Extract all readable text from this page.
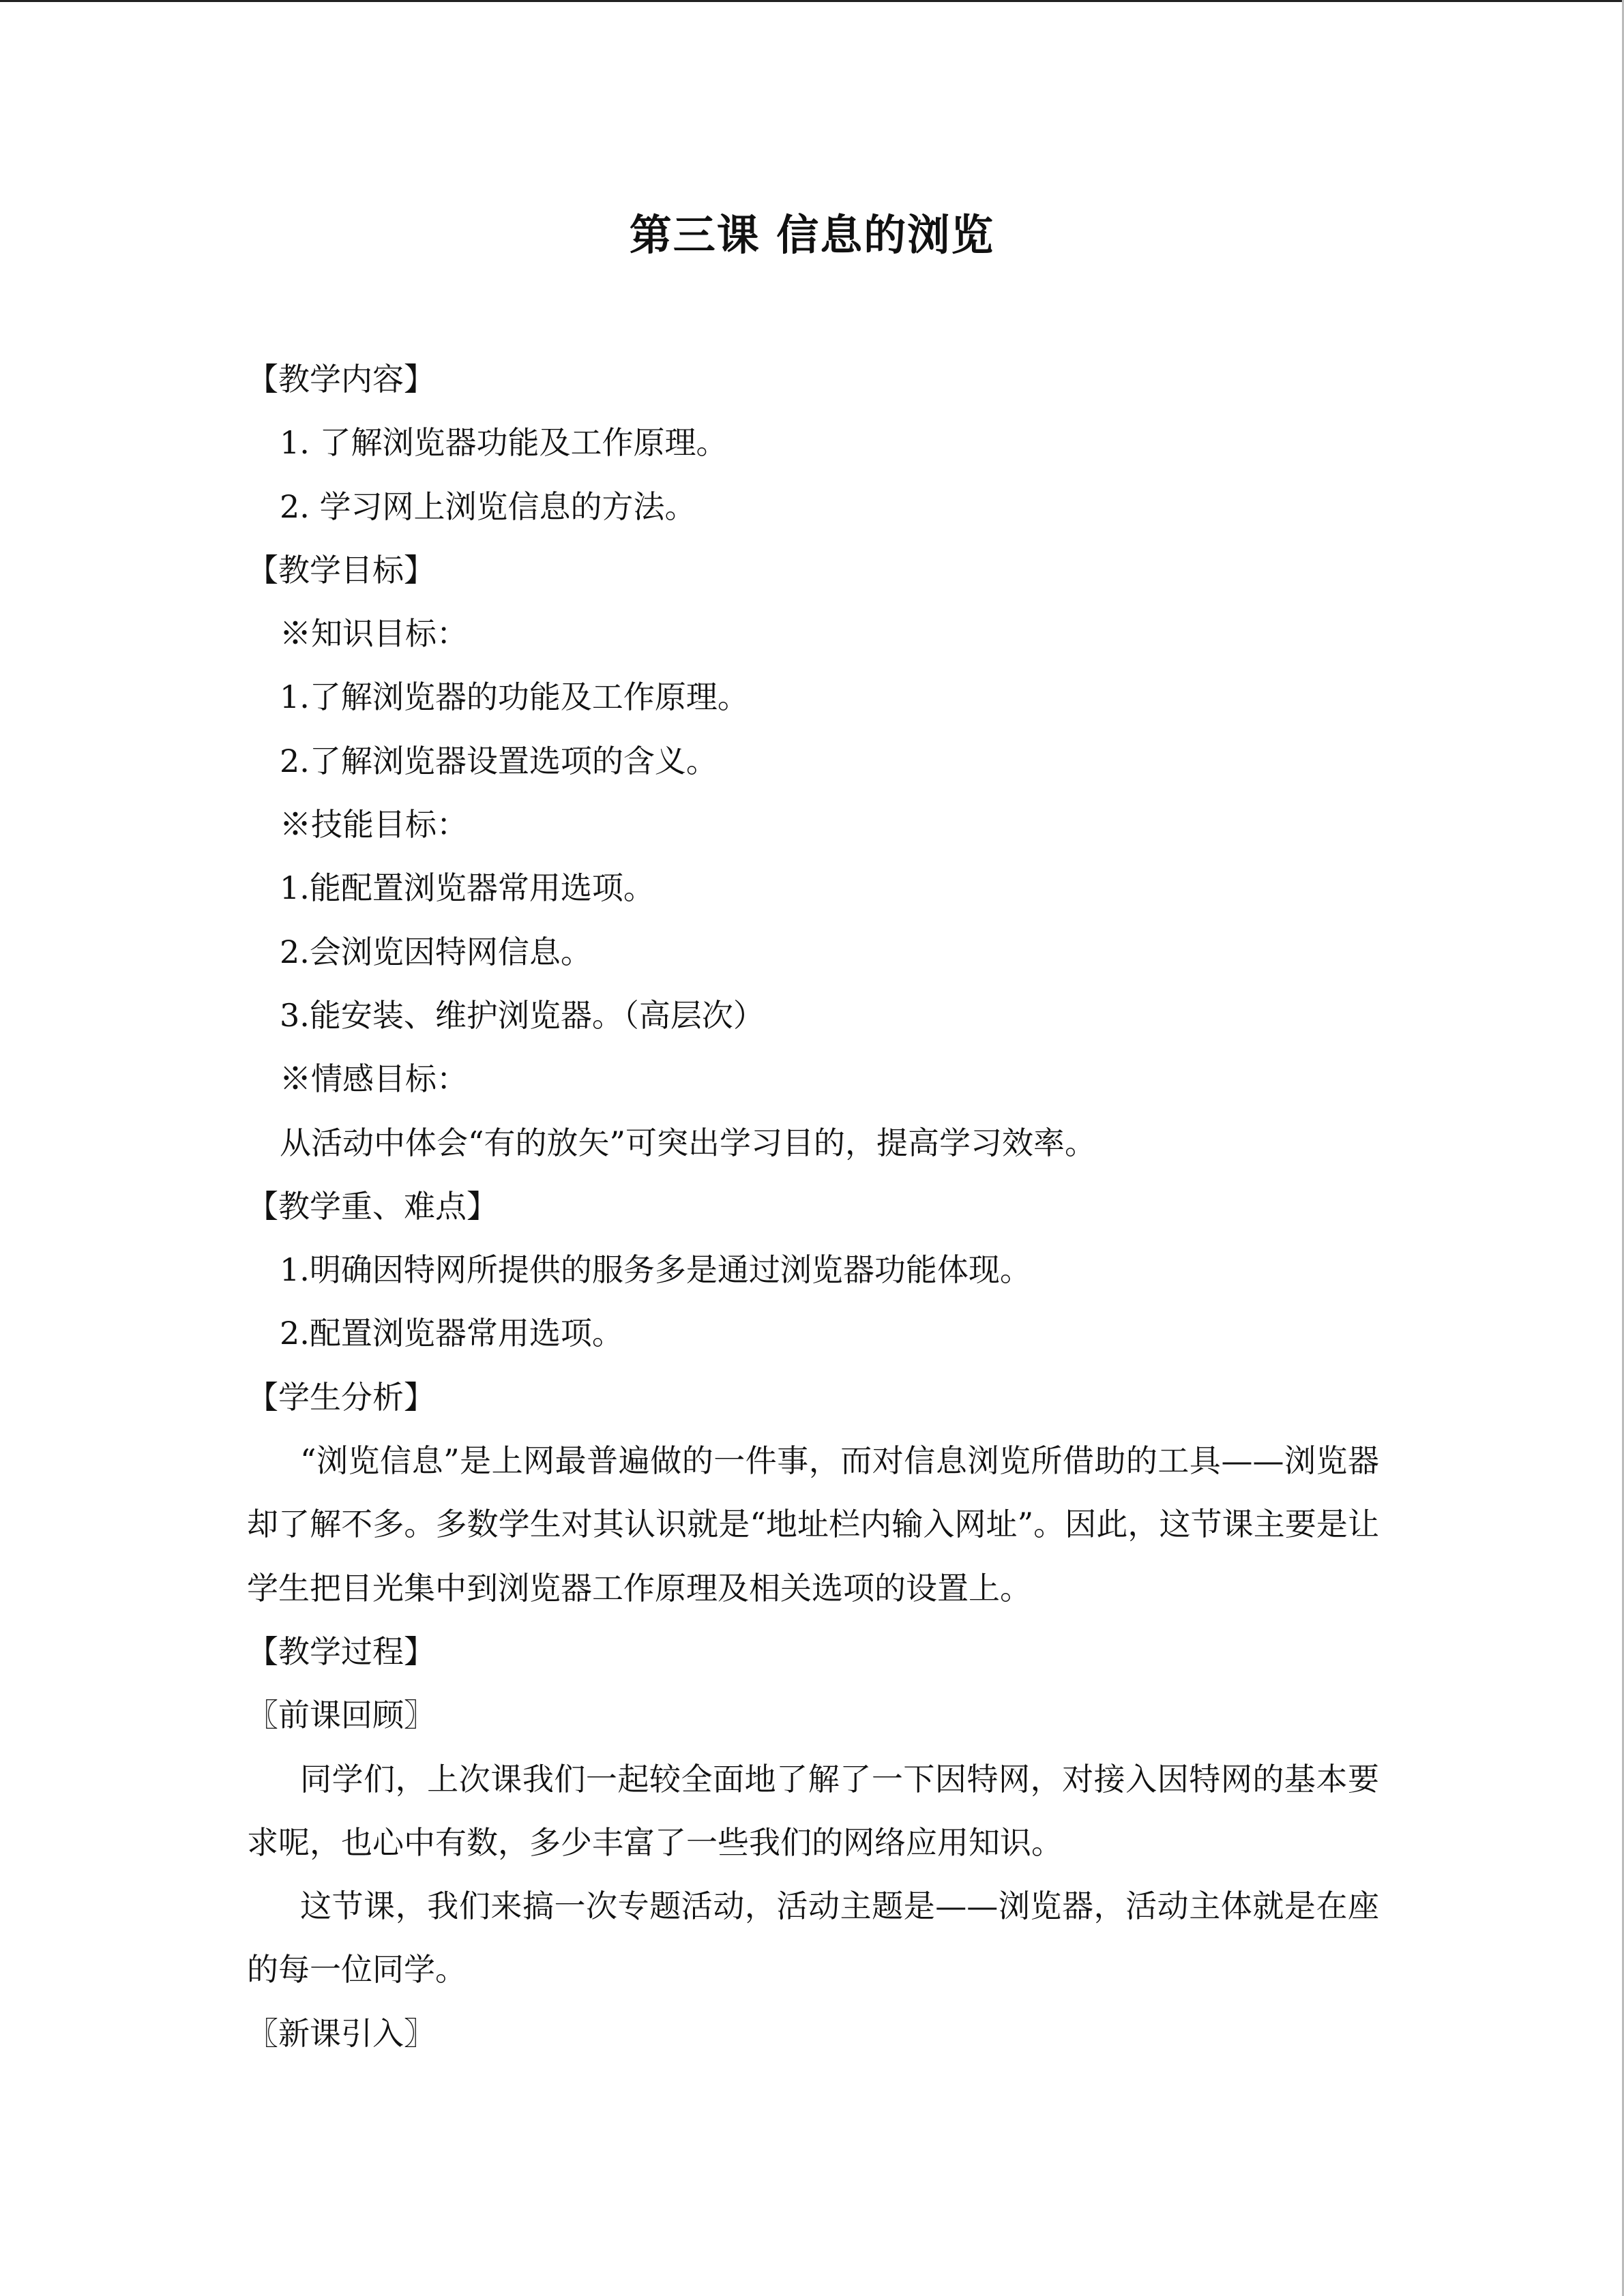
第三课 信息的浏览
【教学内容】
1. 了解浏览器功能及工作原理。
2. 学习网上浏览信息的方法。
【教学目标】
※知识目标：
1.了解浏览器的功能及工作原理。
2.了解浏览器设置选项的含义。
※技能目标：
1.能配置浏览器常用选项。
2.会浏览因特网信息。
3.能安装、维护浏览器。（高层次）
※情感目标：
从活动中体会“有的放矢”可突出学习目的，提高学习效率。
【教学重、难点】
1.明确因特网所提供的服务多是通过浏览器功能体现。
2.配置浏览器常用选项。
【学生分析】
“浏览信息”是上网最普遍做的一件事，而对信息浏览所借助的工具——浏览器却了解不多。多数学生对其认识就是“地址栏内输入网址”。因此，这节课主要是让学生把目光集中到浏览器工作原理及相关选项的设置上。
【教学过程】
〖前课回顾〗
同学们，上次课我们一起较全面地了解了一下因特网，对接入因特网的基本要求呢，也心中有数，多少丰富了一些我们的网络应用知识。
这节课，我们来搞一次专题活动，活动主题是——浏览器，活动主体就是在座的每一位同学。
〖新课引入〗
